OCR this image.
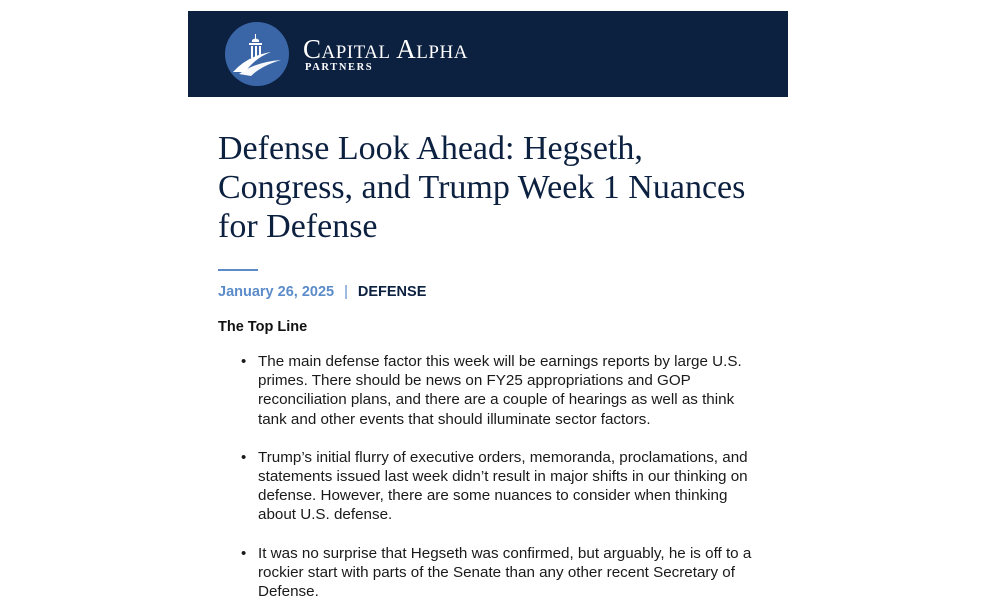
Capital Alpha
PARTNERS
Defense Look Ahead: Hegseth, Congress, and Trump Week 1 Nuances for Defense
January 26, 2025 | DEFENSE
The Top Line
• The main defense factor this week will be earnings reports by large U.S. primes. There should be news on FY25 appropriations and GOP reconciliation plans, and there are a couple of hearings as well as think tank and other events that should illuminate sector factors.
• Trump’s initial flurry of executive orders, memoranda, proclamations, and statements issued last week didn’t result in major shifts in our thinking on defense. However, there are some nuances to consider when thinking about U.S. defense.
• It was no surprise that Hegseth was confirmed, but arguably, he is off to a rockier start with parts of the Senate than any other recent Secretary of Defense.
